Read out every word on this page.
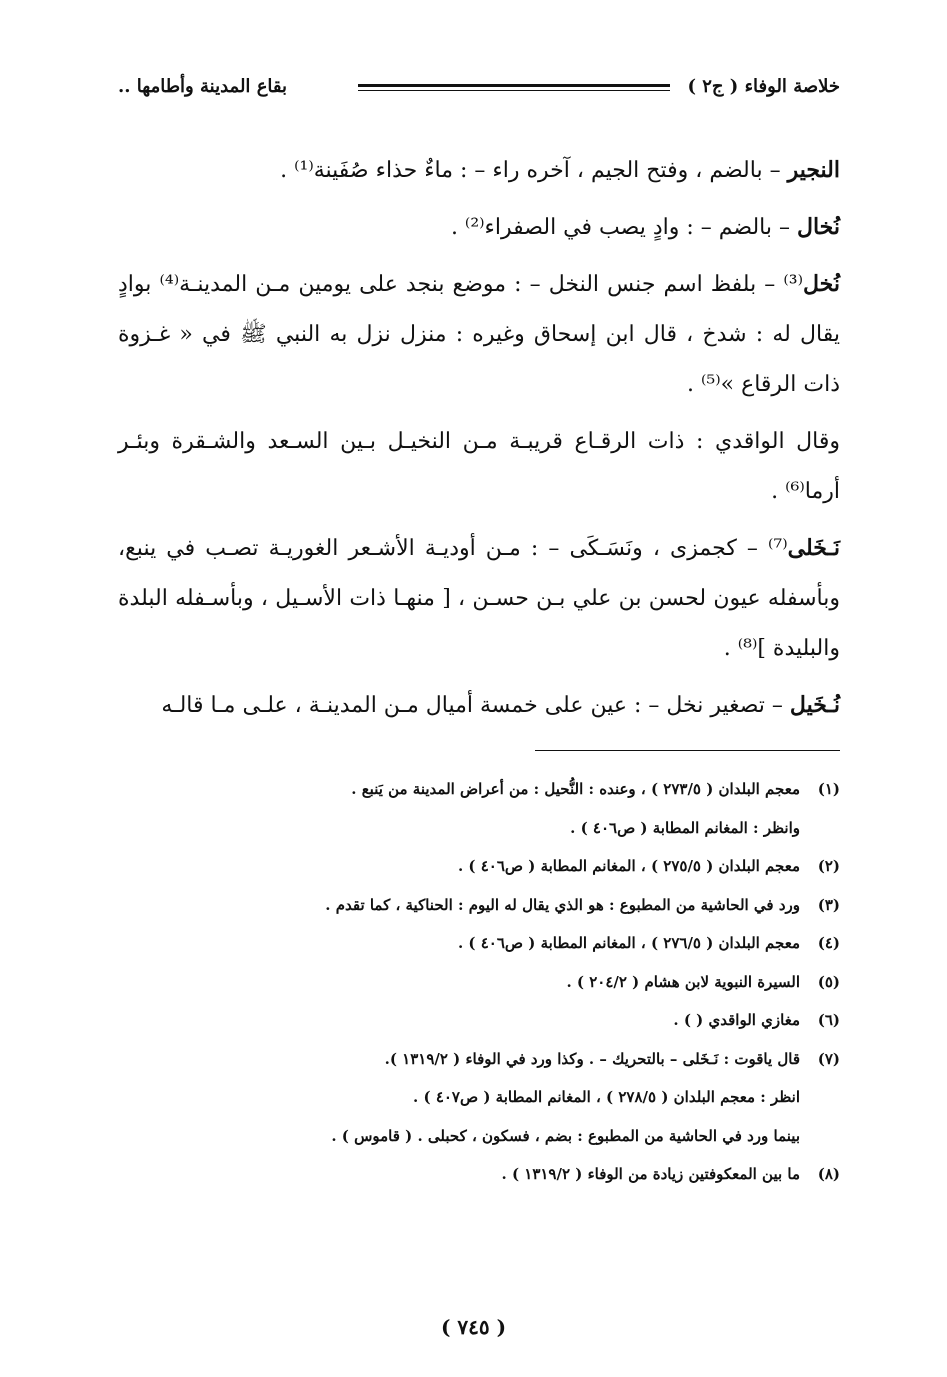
خلاصة الوفاء ( ج٢ )
بقاع المدينة وأطامها ..

النجير – بالضم ، وفتح الجيم ، آخره راء – : ماءٌ حذاء صُفَينة⁽¹⁾ .

نُخال – بالضم – : وادٍ يصب في الصفراء⁽²⁾ .

نُخل⁽³⁾ – بلفظ اسم جنس النخل – : موضع بنجد على يومين مـن المدينـة⁽⁴⁾ بوادٍ يقال له : شدخ ، قال ابن إسحاق وغيره : منزل نزل به النبي ﷺ في « غـزوة ذات الرقاع »⁽⁵⁾ .

وقال الواقدي : ذات الرقـاع قريبـة مـن النخيـل بـين السـعد والشـقرة وبئـر أرما⁽⁶⁾ .

نَـخَلى⁽⁷⁾ – كجمزى ، ونَسَـكَى – : مـن أوديـة الأشـعر الغوريـة تصـب في ينبع، وبأسفله عيون لحسن بن علي بـن حسـن ، [ منهـا ذات الأسـيل ، وبأسـفله البلدة والبليدة ]⁽⁸⁾ .

نُـخَيل – تصغير نخل – : عين على خمسة أميال مـن المدينـة ، علـى مـا قالـه

(١)
معجم البلدان ( ٢٧٣/٥ ) ، وعنده : النُّحيل : من أعراض المدينة من يَنبع .
وانظر : المغانم المطابة ( ص٤٠٦ ) .
(٢)
معجم البلدان ( ٢٧٥/٥ ) ، المغانم المطابة ( ص٤٠٦ ) .
(٣)
ورد في الحاشية من المطبوع : هو الذي يقال له اليوم : الحناكية ، كما تقدم .
(٤)
معجم البلدان ( ٢٧٦/٥ ) ، المغانم المطابة ( ص٤٠٦ ) .
(٥)
السيرة النبوية لابن هشام ( ٢٠٤/٢ ) .
(٦)
مغازي الواقدي ( ) .
(٧)
قال ياقوت : نَـخَلى – بالتحريك – . وكذا ورد في الوفاء ( ١٣١٩/٢ ).
انظر : معجم البلدان ( ٢٧٨/٥ ) ، المغانم المطابة ( ص٤٠٧ ) .
بينما ورد في الحاشية من المطبوع : بضم ، فسكون ، كحبلى . ( قاموس ) .
(٨)
ما بين المعكوفتين زيادة من الوفاء ( ١٣١٩/٢ ) .
( ٧٤٥ )
